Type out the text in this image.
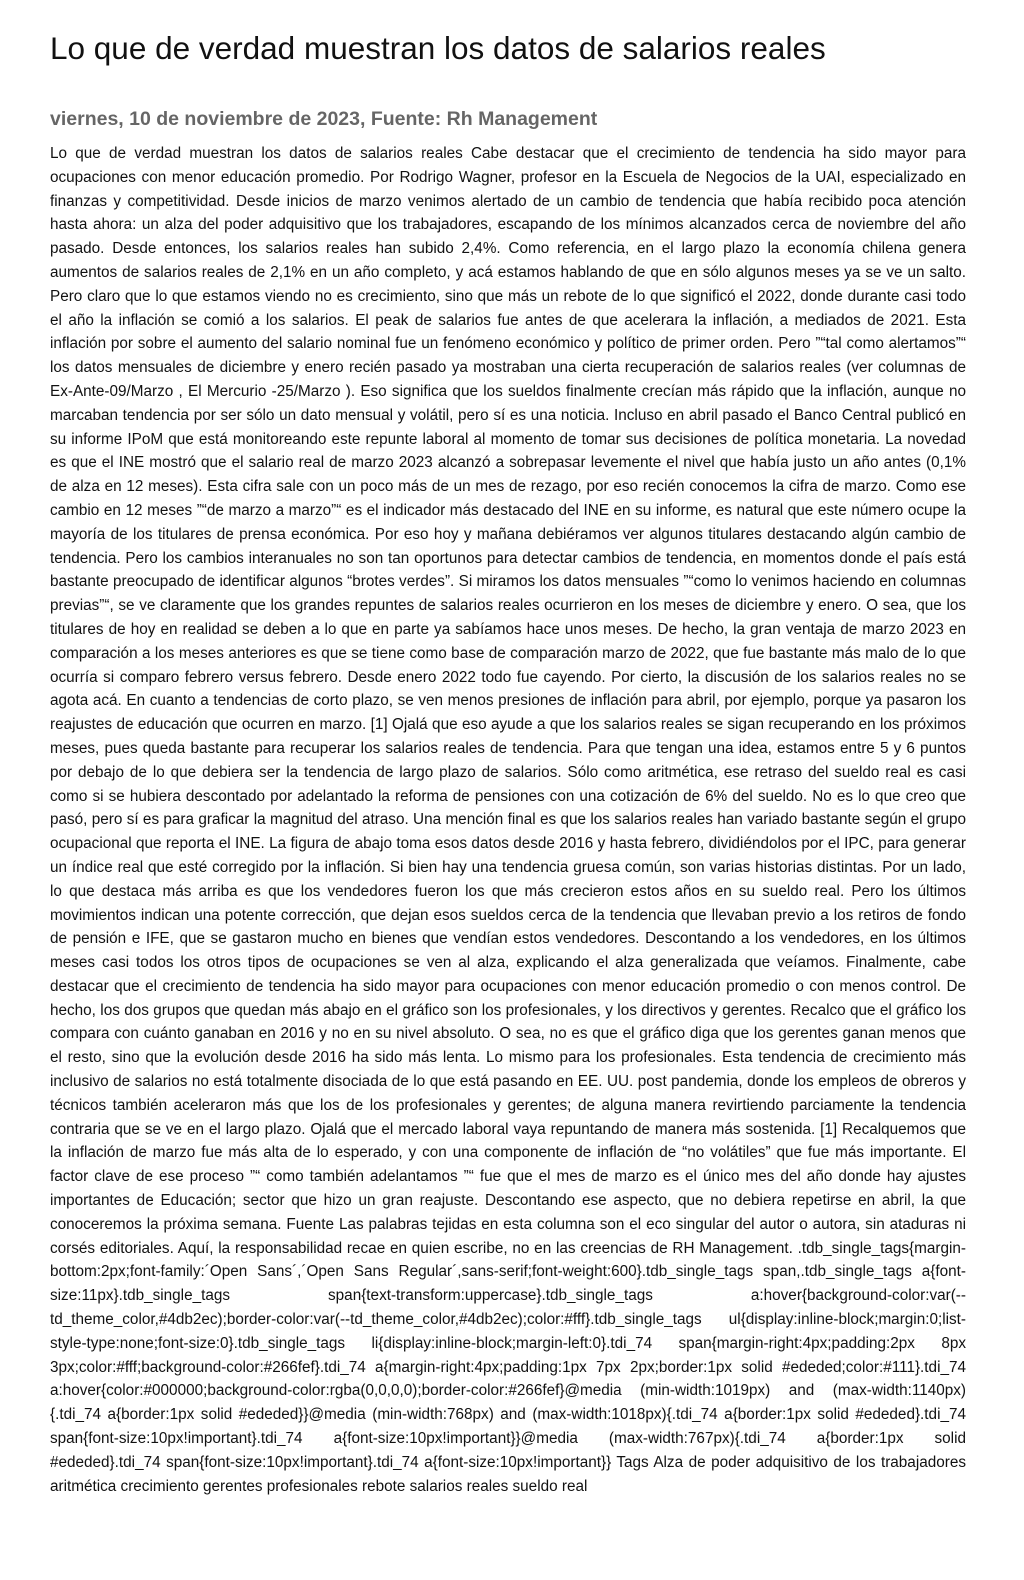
Lo que de verdad muestran los datos de salarios reales
viernes, 10 de noviembre de 2023, Fuente: Rh Management

Lo que de verdad muestran los datos de salarios reales Cabe destacar que el crecimiento de tendencia ha sido mayor para ocupaciones con menor educación promedio. Por Rodrigo Wagner, profesor en la Escuela de Negocios de la UAI, especializado en finanzas y competitividad. Desde inicios de marzo venimos alertado de un cambio de tendencia que había recibido poca atención hasta ahora: un alza del poder adquisitivo que los trabajadores, escapando de los mínimos alcanzados cerca de noviembre del año pasado. Desde entonces, los salarios reales han subido 2,4%. Como referencia, en el largo plazo la economía chilena genera aumentos de salarios reales de 2,1% en un año completo, y acá estamos hablando de que en sólo algunos meses ya se ve un salto. Pero claro que lo que estamos viendo no es crecimiento, sino que más un rebote de lo que significó el 2022, donde durante casi todo el año la inflación se comió a los salarios. El peak de salarios fue antes de que acelerara la inflación, a mediados de 2021. Esta inflación por sobre el aumento del salario nominal fue un fenómeno económico y político de primer orden. Pero ”“tal como alertamos”“ los datos mensuales de diciembre y enero recién pasado ya mostraban una cierta recuperación de salarios reales (ver columnas de Ex-Ante-09/Marzo , El Mercurio -25/Marzo ). Eso significa que los sueldos finalmente crecían más rápido que la inflación, aunque no marcaban tendencia por ser sólo un dato mensual y volátil, pero sí es una noticia. Incluso en abril pasado el Banco Central publicó en su informe IPoM que está monitoreando este repunte laboral al momento de tomar sus decisiones de política monetaria. La novedad es que el INE mostró que el salario real de marzo 2023 alcanzó a sobrepasar levemente el nivel que había justo un año antes (0,1% de alza en 12 meses). Esta cifra sale con un poco más de un mes de rezago, por eso recién conocemos la cifra de marzo. Como ese cambio en 12 meses ”“de marzo a marzo”“ es el indicador más destacado del INE en su informe, es natural que este número ocupe la mayoría de los titulares de prensa económica. Por eso hoy y mañana debiéramos ver algunos titulares destacando algún cambio de tendencia. Pero los cambios interanuales no son tan oportunos para detectar cambios de tendencia, en momentos donde el país está bastante preocupado de identificar algunos “brotes verdes”. Si miramos los datos mensuales ”“como lo venimos haciendo en columnas previas”“, se ve claramente que los grandes repuntes de salarios reales ocurrieron en los meses de diciembre y enero. O sea, que los titulares de hoy en realidad se deben a lo que en parte ya sabíamos hace unos meses. De hecho, la gran ventaja de marzo 2023 en comparación a los meses anteriores es que se tiene como base de comparación marzo de 2022, que fue bastante más malo de lo que ocurría si comparo febrero versus febrero. Desde enero 2022 todo fue cayendo. Por cierto, la discusión de los salarios reales no se agota acá. En cuanto a tendencias de corto plazo, se ven menos presiones de inflación para abril, por ejemplo, porque ya pasaron los reajustes de educación que ocurren en marzo. [1] Ojalá que eso ayude a que los salarios reales se sigan recuperando en los próximos meses, pues queda bastante para recuperar los salarios reales de tendencia. Para que tengan una idea, estamos entre 5 y 6 puntos por debajo de lo que debiera ser la tendencia de largo plazo de salarios. Sólo como aritmética, ese retraso del sueldo real es casi como si se hubiera descontado por adelantado la reforma de pensiones con una cotización de 6% del sueldo. No es lo que creo que pasó, pero sí es para graficar la magnitud del atraso. Una mención final es que los salarios reales han variado bastante según el grupo ocupacional que reporta el INE. La figura de abajo toma esos datos desde 2016 y hasta febrero, dividiéndolos por el IPC, para generar un índice real que esté corregido por la inflación. Si bien hay una tendencia gruesa común, son varias historias distintas. Por un lado, lo que destaca más arriba es que los vendedores fueron los que más crecieron estos años en su sueldo real. Pero los últimos movimientos indican una potente corrección, que dejan esos sueldos cerca de la tendencia que llevaban previo a los retiros de fondo de pensión e IFE, que se gastaron mucho en bienes que vendían estos vendedores. Descontando a los vendedores, en los últimos meses casi todos los otros tipos de ocupaciones se ven al alza, explicando el alza generalizada que veíamos. Finalmente, cabe destacar que el crecimiento de tendencia ha sido mayor para ocupaciones con menor educación promedio o con menos control. De hecho, los dos grupos que quedan más abajo en el gráfico son los profesionales, y los directivos y gerentes. Recalco que el gráfico los compara con cuánto ganaban en 2016 y no en su nivel absoluto. O sea, no es que el gráfico diga que los gerentes ganan menos que el resto, sino que la evolución desde 2016 ha sido más lenta. Lo mismo para los profesionales. Esta tendencia de crecimiento más inclusivo de salarios no está totalmente disociada de lo que está pasando en EE. UU. post pandemia, donde los empleos de obreros y técnicos también aceleraron más que los de los profesionales y gerentes; de alguna manera revirtiendo parciamente la tendencia contraria que se ve en el largo plazo. Ojalá que el mercado laboral vaya repuntando de manera más sostenida. [1] Recalquemos que la inflación de marzo fue más alta de lo esperado, y con una componente de inflación de “no volátiles” que fue más importante. El factor clave de ese proceso ”“ como también adelantamos ”“ fue que el mes de marzo es el único mes del año donde hay ajustes importantes de Educación; sector que hizo un gran reajuste. Descontando ese aspecto, que no debiera repetirse en abril, la que conoceremos la próxima semana. Fuente Las palabras tejidas en esta columna son el eco singular del autor o autora, sin ataduras ni corsés editoriales. Aquí, la responsabilidad recae en quien escribe, no en las creencias de RH Management. .tdb_single_tags{margin-bottom:2px;font-family:´Open Sans´,´Open Sans Regular´,sans-serif;font-weight:600}.tdb_single_tags span,.tdb_single_tags a{font-size:11px}.tdb_single_tags span{text-transform:uppercase}.tdb_single_tags a:hover{background-color:var(--td_theme_color,#4db2ec);border-color:var(--td_theme_color,#4db2ec);color:#fff}.tdb_single_tags ul{display:inline-block;margin:0;list-style-type:none;font-size:0}.tdb_single_tags li{display:inline-block;margin-left:0}.tdi_74 span{margin-right:4px;padding:2px 8px 3px;color:#fff;background-color:#266fef}.tdi_74 a{margin-right:4px;padding:1px 7px 2px;border:1px solid #ededed;color:#111}.tdi_74 a:hover{color:#000000;background-color:rgba(0,0,0,0);border-color:#266fef}@media (min-width:1019px) and (max-width:1140px){.tdi_74 a{border:1px solid #ededed}}@media (min-width:768px) and (max-width:1018px){.tdi_74 a{border:1px solid #ededed}.tdi_74 span{font-size:10px!important}.tdi_74 a{font-size:10px!important}}@media (max-width:767px){.tdi_74 a{border:1px solid #ededed}.tdi_74 span{font-size:10px!important}.tdi_74 a{font-size:10px!important}} Tags Alza de poder adquisitivo de los trabajadores aritmética crecimiento gerentes profesionales rebote salarios reales sueldo real
